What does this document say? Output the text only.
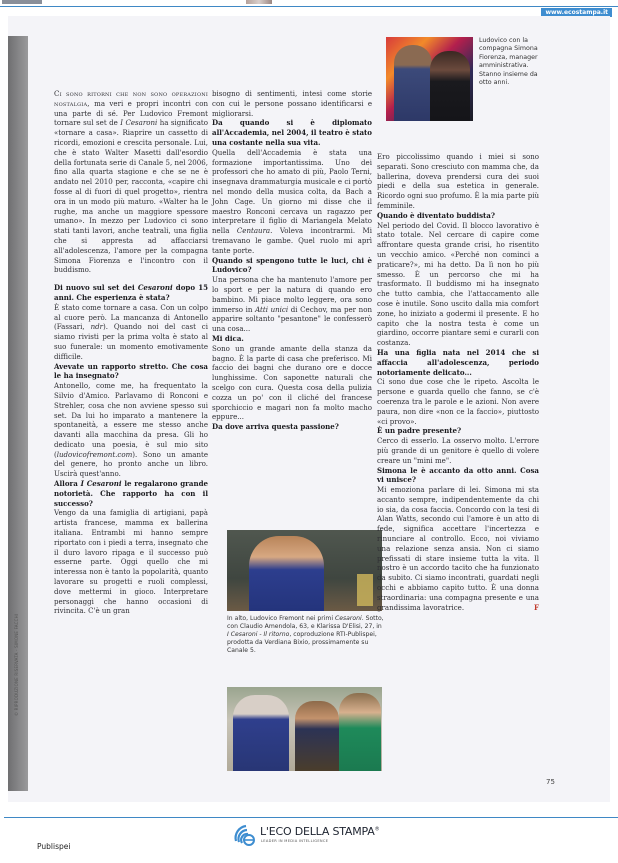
www.ecostampa.it
© RIPRODUZIONE RISERVATA - SIMONE FACCHI
Ludovico con la compagna Simona Fiorenza, manager amministrativa. Stanno insieme da otto anni.

Ci sono ritorni che non sono operazioni nostalgia, ma veri e propri incontri con una parte di sé. Per Ludovico Fremont tornare sul set de I Cesaroni ha significato «tornare a casa». Riaprire un cassetto di ricordi, emozioni e crescita personale. Lui, che è stato Walter Masetti dall'esordio della fortunata serie di Canale 5, nel 2006, fino alla quarta stagione e che se ne è andato nel 2010 per, racconta, «capire chi fosse al di fuori di quel progetto», rientra ora in un modo più maturo. «Walter ha le rughe, ma anche un maggiore spessore umano». In mezzo per Ludovico ci sono stati tanti lavori, anche teatrali, una figlia che si appresta ad affacciarsi all'adolescenza, l'amore per la compagna Simona Fiorenza e l'incontro con il buddismo.

Di nuovo sul set dei Cesaroni dopo 15 anni. Che esperienza è stata?

È stato come tornare a casa. Con un colpo al cuore però. La mancanza di Antonello (Fassari, ndr). Quando noi del cast ci siamo rivisti per la prima volta è stato al suo funerale: un momento emotivamente difficile.

Avevate un rapporto stretto. Che cosa le ha insegnato?

Antonello, come me, ha frequentato la Silvio d'Amico. Parlavamo di Ronconi e Strehler, cosa che non avviene spesso sui set. Da lui ho imparato a mantenere la spontaneità, a essere me stesso anche davanti alla macchina da presa. Gli ho dedicato una poesia, è sul mio sito (ludovicofremont.com). Sono un amante del genere, ho pronto anche un libro. Uscirà quest'anno.

Allora I Cesaroni le regalarono grande notorietà. Che rapporto ha con il successo?

Vengo da una famiglia di artigiani, papà artista francese, mamma ex ballerina italiana. Entrambi mi hanno sempre riportato con i piedi a terra, insegnato che il duro lavoro ripaga e il successo può esserne parte. Oggi quello che mi interessa non è tanto la popolarità, quanto lavorare su progetti e ruoli complessi, dove mettermi in gioco. Interpretare personaggi che hanno occasioni di rivincita. C'è un gran

bisogno di sentimenti, intesi come storie con cui le persone possano identificarsi e migliorarsi.

Da quando si è diplomato all'Accademia, nel 2004, il teatro è stato una costante nella sua vita.

Quella dell'Accademia è stata una formazione importantissima. Uno dei professori che ho amato di più, Paolo Terni, insegnava drammaturgia musicale e ci portò nel mondo della musica colta, da Bach a John Cage. Un giorno mi disse che il maestro Ronconi cercava un ragazzo per interpretare il figlio di Mariangela Melato nella Centaura. Voleva incontrarmi. Mi tremavano le gambe. Quel ruolo mi aprì tante porte.

Quando si spengono tutte le luci, chi è Ludovico?

Una persona che ha mantenuto l'amore per lo sport e per la natura di quando ero bambino. Mi piace molto leggere, ora sono immerso in Atti unici di Cechov, ma per non apparire soltanto "pesantone" le confesserò una cosa...

Mi dica.

Sono un grande amante della stanza da bagno. È la parte di casa che preferisco. Mi faccio dei bagni che durano ore e docce lunghissime. Con saponette naturali che scelgo con cura. Questa cosa della pulizia cozza un po' con il cliché del francese sporchiccio e magari non fa molto macho eppure...

Da dove arriva questa passione?

In alto, Ludovico Fremont nei primi Cesaroni. Sotto, con Claudio Amendola, 63, e Klarissa D'Elisi, 27, in I Cesaroni - Il ritorno, coproduzione RTI-Publispei, prodotta da Verdiana Bixio, prossimamente su Canale 5.

Ero piccolissimo quando i miei si sono separati. Sono cresciuto con mamma che, da ballerina, doveva prendersi cura dei suoi piedi e della sua estetica in generale. Ricordo ogni suo profumo. È la mia parte più femminile.

Quando è diventato buddista?

Nel periodo del Covid. Il blocco lavorativo è stato totale. Nel cercare di capire come affrontare questa grande crisi, ho risentito un vecchio amico. «Perché non cominci a praticare?», mi ha detto. Da lì non ho più smesso. È un percorso che mi ha trasformato. Il buddismo mi ha insegnato che tutto cambia, che l'attaccamento alle cose è inutile. Sono uscito dalla mia comfort zone, ho iniziato a godermi il presente. E ho capito che la nostra testa è come un giardino, occorre piantare semi e curarli con costanza.

Ha una figlia nata nel 2014 che si affaccia all'adolescenza, periodo notoriamente delicato...

Ci sono due cose che le ripeto. Ascolta le persone e guarda quello che fanno, se c'è coerenza tra le parole e le azioni. Non avere paura, non dire «non ce la faccio», piuttosto «ci provo».

È un padre presente?

Cerco di esserlo. La osservo molto. L'errore più grande di un genitore è quello di volere creare un "mini me".

Simona le è accanto da otto anni. Cosa vi unisce?

Mi emoziona parlare di lei. Simona mi sta accanto sempre, indipendentemente da chi io sia, da cosa faccia. Concordo con la tesi di Alan Watts, secondo cui l'amore è un atto di fede, significa accettare l'incertezza e rinunciare al controllo. Ecco, noi viviamo una relazione senza ansia. Non ci siamo prefissati di stare insieme tutta la vita. Il nostro è un accordo tacito che ha funzionato da subito. Ci siamo incontrati, guardati negli occhi e abbiamo capito tutto. È una donna straordinaria: una compagna presente e una grandissima lavoratrice.	F

75
L'ECO DELLA STAMPA®
LEADER IN MEDIA INTELLIGENCE
Publispei
